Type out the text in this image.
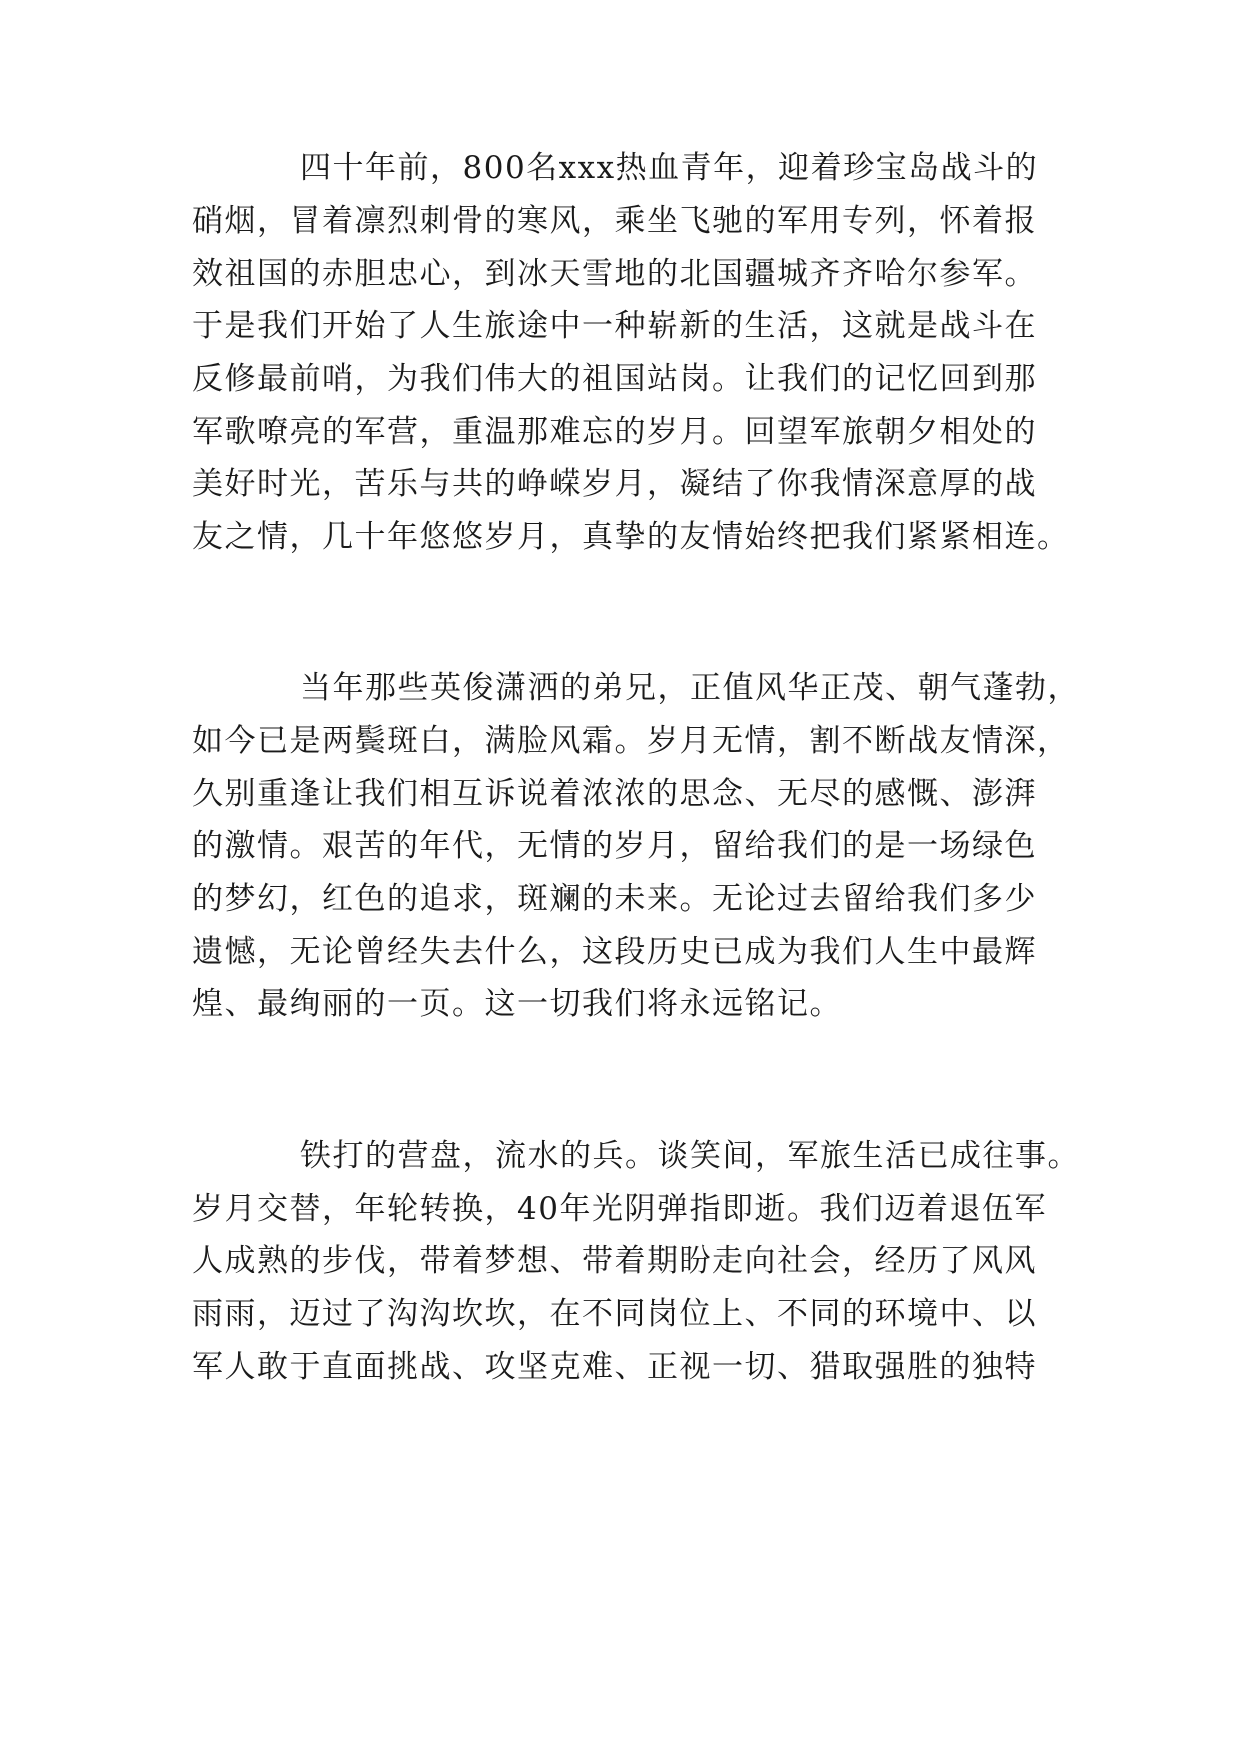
四十年前，800名xxx热血青年，迎着珍宝岛战斗的
硝烟，冒着凛烈刺骨的寒风，乘坐飞驰的军用专列，怀着报
效祖国的赤胆忠心，到冰天雪地的北国疆城齐齐哈尔参军。
于是我们开始了人生旅途中一种崭新的生活，这就是战斗在
反修最前哨，为我们伟大的祖国站岗。让我们的记忆回到那
军歌嘹亮的军营，重温那难忘的岁月。回望军旅朝夕相处的
美好时光，苦乐与共的峥嵘岁月，凝结了你我情深意厚的战
友之情，几十年悠悠岁月，真挚的友情始终把我们紧紧相连。
当年那些英俊潇洒的弟兄，正值风华正茂、朝气蓬勃，
如今已是两鬓斑白，满脸风霜。岁月无情，割不断战友情深，
久别重逢让我们相互诉说着浓浓的思念、无尽的感慨、澎湃
的激情。艰苦的年代，无情的岁月，留给我们的是一场绿色
的梦幻，红色的追求，斑斓的未来。无论过去留给我们多少
遗憾，无论曾经失去什么，这段历史已成为我们人生中最辉
煌、最绚丽的一页。这一切我们将永远铭记。
铁打的营盘，流水的兵。谈笑间，军旅生活已成往事。
岁月交替，年轮转换，40年光阴弹指即逝。我们迈着退伍军
人成熟的步伐，带着梦想、带着期盼走向社会，经历了风风
雨雨，迈过了沟沟坎坎，在不同岗位上、不同的环境中、以
军人敢于直面挑战、攻坚克难、正视一切、猎取强胜的独特
